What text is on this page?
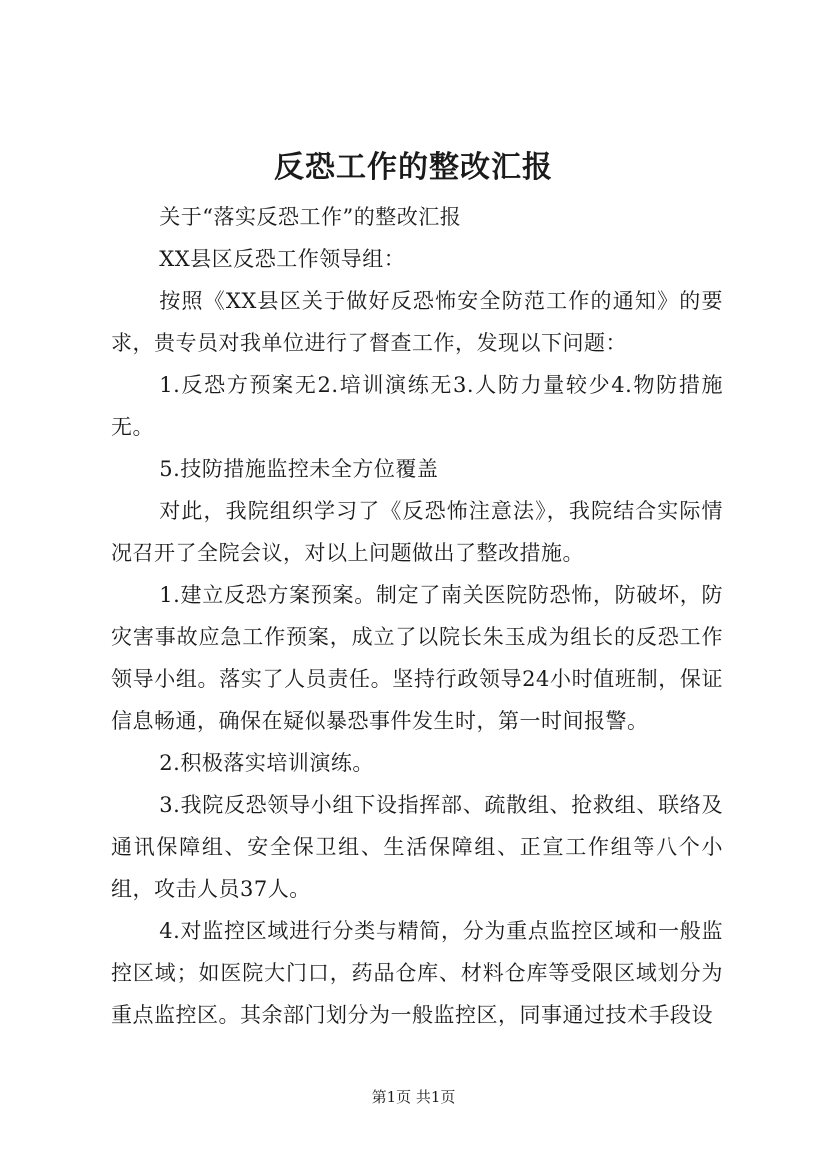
反恐工作的整改汇报

关于“落实反恐工作”的整改汇报

XX县区反恐工作领导组：

按照《XX县区关于做好反恐怖安全防范工作的通知》的要求，贵专员对我单位进行了督查工作，发现以下问题：

1.反恐方预案无2.培训演练无3.人防力量较少4.物防措施无。

5.技防措施监控未全方位覆盖

对此，我院组织学习了《反恐怖注意法》，我院结合实际情况召开了全院会议，对以上问题做出了整改措施。

1.建立反恐方案预案。制定了南关医院防恐怖，防破坏，防灾害事故应急工作预案，成立了以院长朱玉成为组长的反恐工作领导小组。落实了人员责任。坚持行政领导24小时值班制，保证信息畅通，确保在疑似暴恐事件发生时，第一时间报警。

2.积极落实培训演练。

3.我院反恐领导小组下设指挥部、疏散组、抢救组、联络及通讯保障组、安全保卫组、生活保障组、正宣工作组等八个小组，攻击人员37人。

4.对监控区域进行分类与精简，分为重点监控区域和一般监控区域；如医院大门口，药品仓库、材料仓库等受限区域划分为重点监控区。其余部门划分为一般监控区，同事通过技术手段设

第1页 共1页
